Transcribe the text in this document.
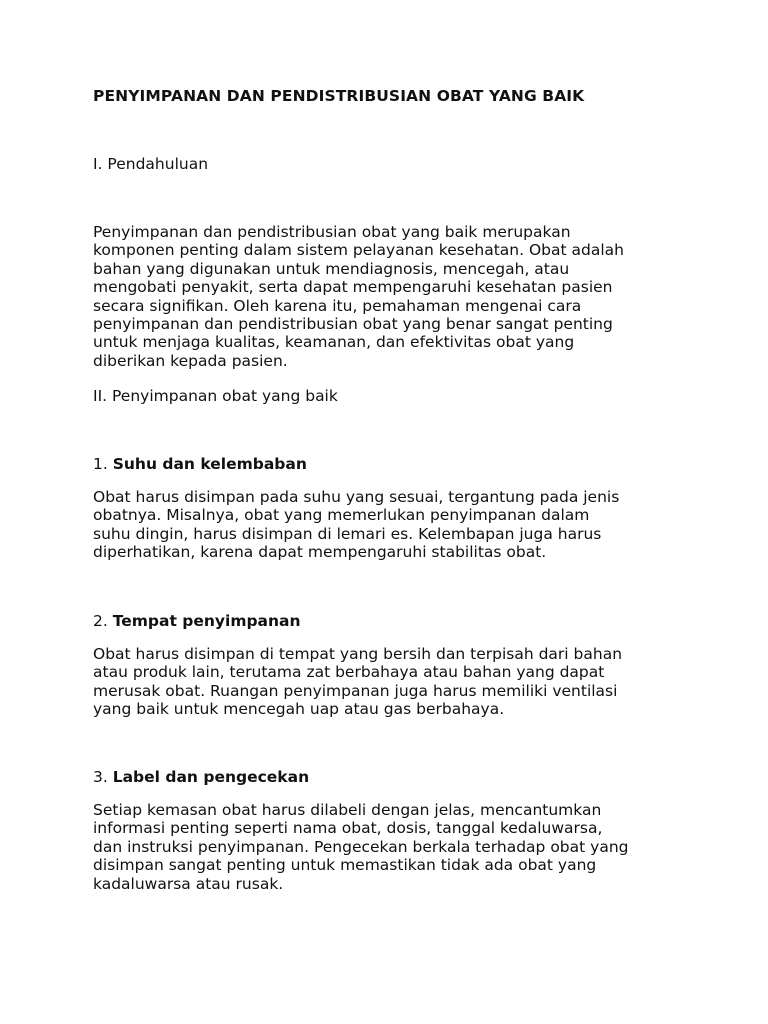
PENYIMPANAN DAN PENDISTRIBUSIAN OBAT YANG BAIK
I. Pendahuluan

Penyimpanan dan pendistribusian obat yang baik merupakan
komponen penting dalam sistem pelayanan kesehatan. Obat adalah
bahan yang digunakan untuk mendiagnosis, mencegah, atau
mengobati penyakit, serta dapat mempengaruhi kesehatan pasien
secara signifikan. Oleh karena itu, pemahaman mengenai cara
penyimpanan dan pendistribusian obat yang benar sangat penting
untuk menjaga kualitas, keamanan, dan efektivitas obat yang
diberikan kepada pasien.

II. Penyimpanan obat yang baik
1. Suhu dan kelembaban

Obat harus disimpan pada suhu yang sesuai, tergantung pada jenis
obatnya. Misalnya, obat yang memerlukan penyimpanan dalam
suhu dingin, harus disimpan di lemari es. Kelembapan juga harus
diperhatikan, karena dapat mempengaruhi stabilitas obat.

2. Tempat penyimpanan

Obat harus disimpan di tempat yang bersih dan terpisah dari bahan
atau produk lain, terutama zat berbahaya atau bahan yang dapat
merusak obat. Ruangan penyimpanan juga harus memiliki ventilasi
yang baik untuk mencegah uap atau gas berbahaya.

3. Label dan pengecekan

Setiap kemasan obat harus dilabeli dengan jelas, mencantumkan
informasi penting seperti nama obat, dosis, tanggal kedaluwarsa,
dan instruksi penyimpanan. Pengecekan berkala terhadap obat yang
disimpan sangat penting untuk memastikan tidak ada obat yang
kadaluwarsa atau rusak.
